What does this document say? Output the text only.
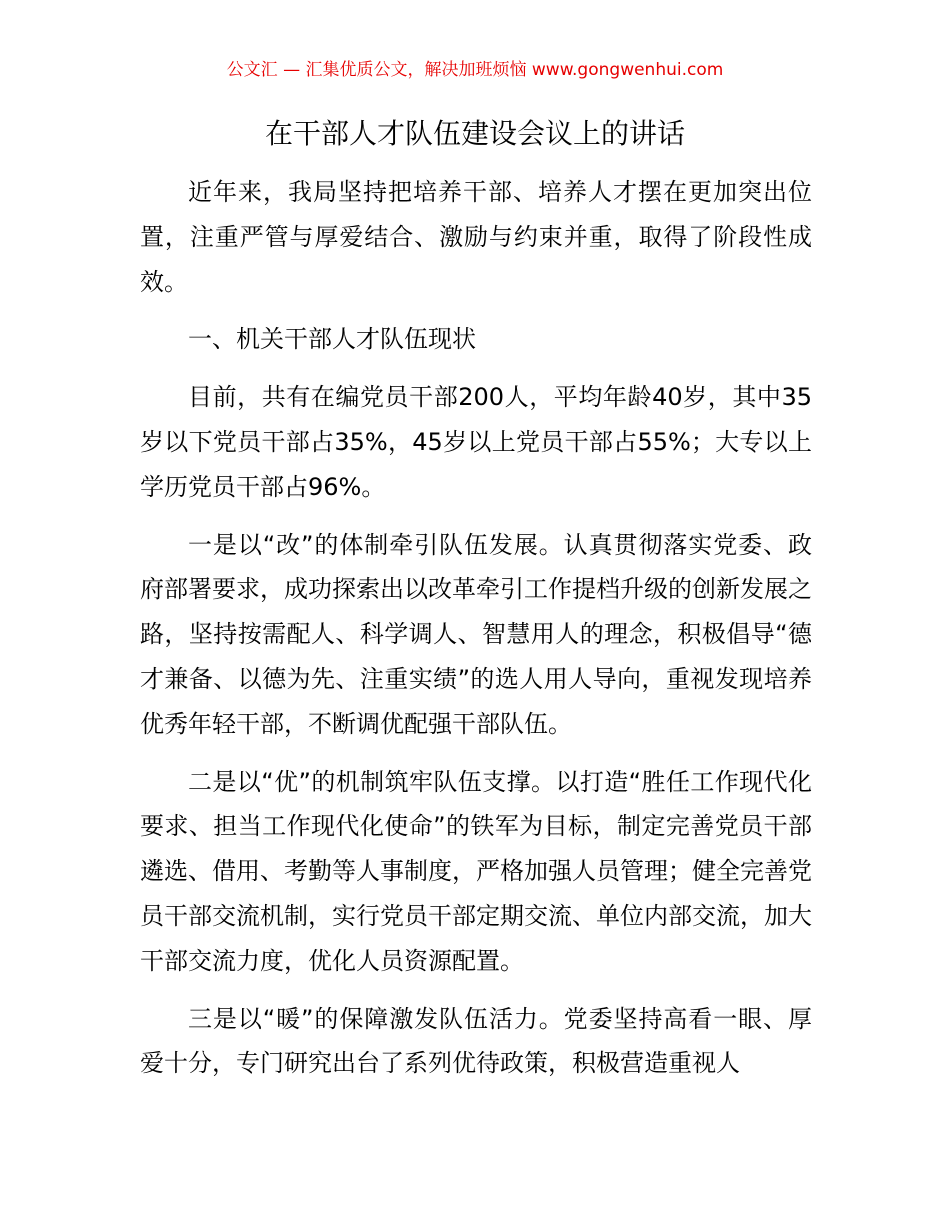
公文汇 — 汇集优质公文，解决加班烦恼 www.gongwenhui.com
在干部人才队伍建设会议上的讲话

近年来，我局坚持把培养干部、培养人才摆在更加突出位置，注重严管与厚爱结合、激励与约束并重，取得了阶段性成效。

一、机关干部人才队伍现状

目前，共有在编党员干部200人，平均年龄40岁，其中35岁以下党员干部占35%，45岁以上党员干部占55%；大专以上学历党员干部占96%。

一是以“改”的体制牵引队伍发展。认真贯彻落实党委、政府部署要求，成功探索出以改革牵引工作提档升级的创新发展之路，坚持按需配人、科学调人、智慧用人的理念，积极倡导“德才兼备、以德为先、注重实绩”的选人用人导向，重视发现培养优秀年轻干部，不断调优配强干部队伍。

二是以“优”的机制筑牢队伍支撑。以打造“胜任工作现代化要求、担当工作现代化使命”的铁军为目标，制定完善党员干部遴选、借用、考勤等人事制度，严格加强人员管理；健全完善党员干部交流机制，实行党员干部定期交流、单位内部交流，加大干部交流力度，优化人员资源配置。

三是以“暖”的保障激发队伍活力。党委坚持高看一眼、厚爱十分，专门研究出台了系列优待政策，积极营造重视人
